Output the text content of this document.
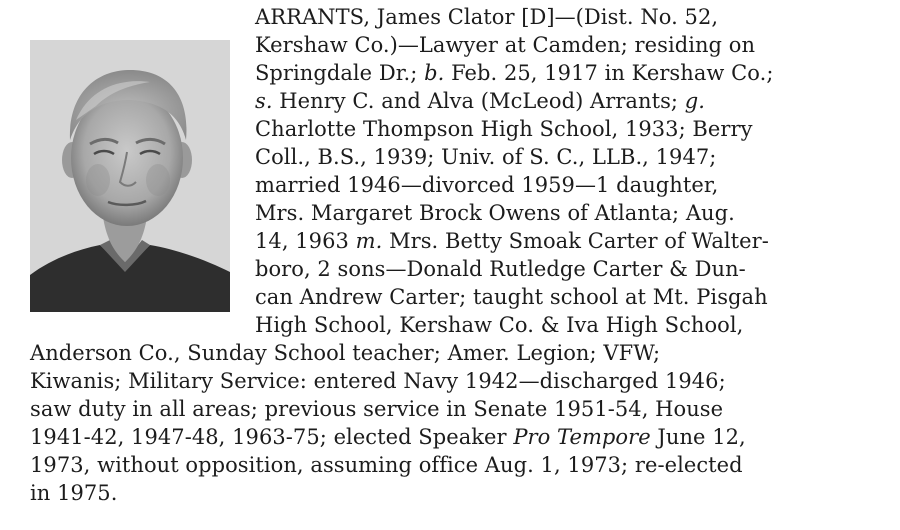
ARRANTS, James Clator [D]—(Dist. No. 52,
Kershaw Co.)—Lawyer at Camden; residing on
Springdale Dr.; b. Feb. 25, 1917 in Kershaw Co.;
s. Henry C. and Alva (McLeod) Arrants; g.
Charlotte Thompson High School, 1933; Berry
Coll., B.S., 1939; Univ. of S. C., LLB., 1947;
married 1946—divorced 1959—1 daughter,
Mrs. Margaret Brock Owens of Atlanta; Aug.
14, 1963 m. Mrs. Betty Smoak Carter of Walter-
boro, 2 sons—Donald Rutledge Carter & Dun-
can Andrew Carter; taught school at Mt. Pisgah
High School, Kershaw Co. & Iva High School,
Anderson Co., Sunday School teacher; Amer. Legion; VFW;
Kiwanis; Military Service: entered Navy 1942—discharged 1946;
saw duty in all areas; previous service in Senate 1951-54, House
1941-42, 1947-48, 1963-75; elected Speaker Pro Tempore June 12,
1973, without opposition, assuming office Aug. 1, 1973; re-elected
in 1975.
